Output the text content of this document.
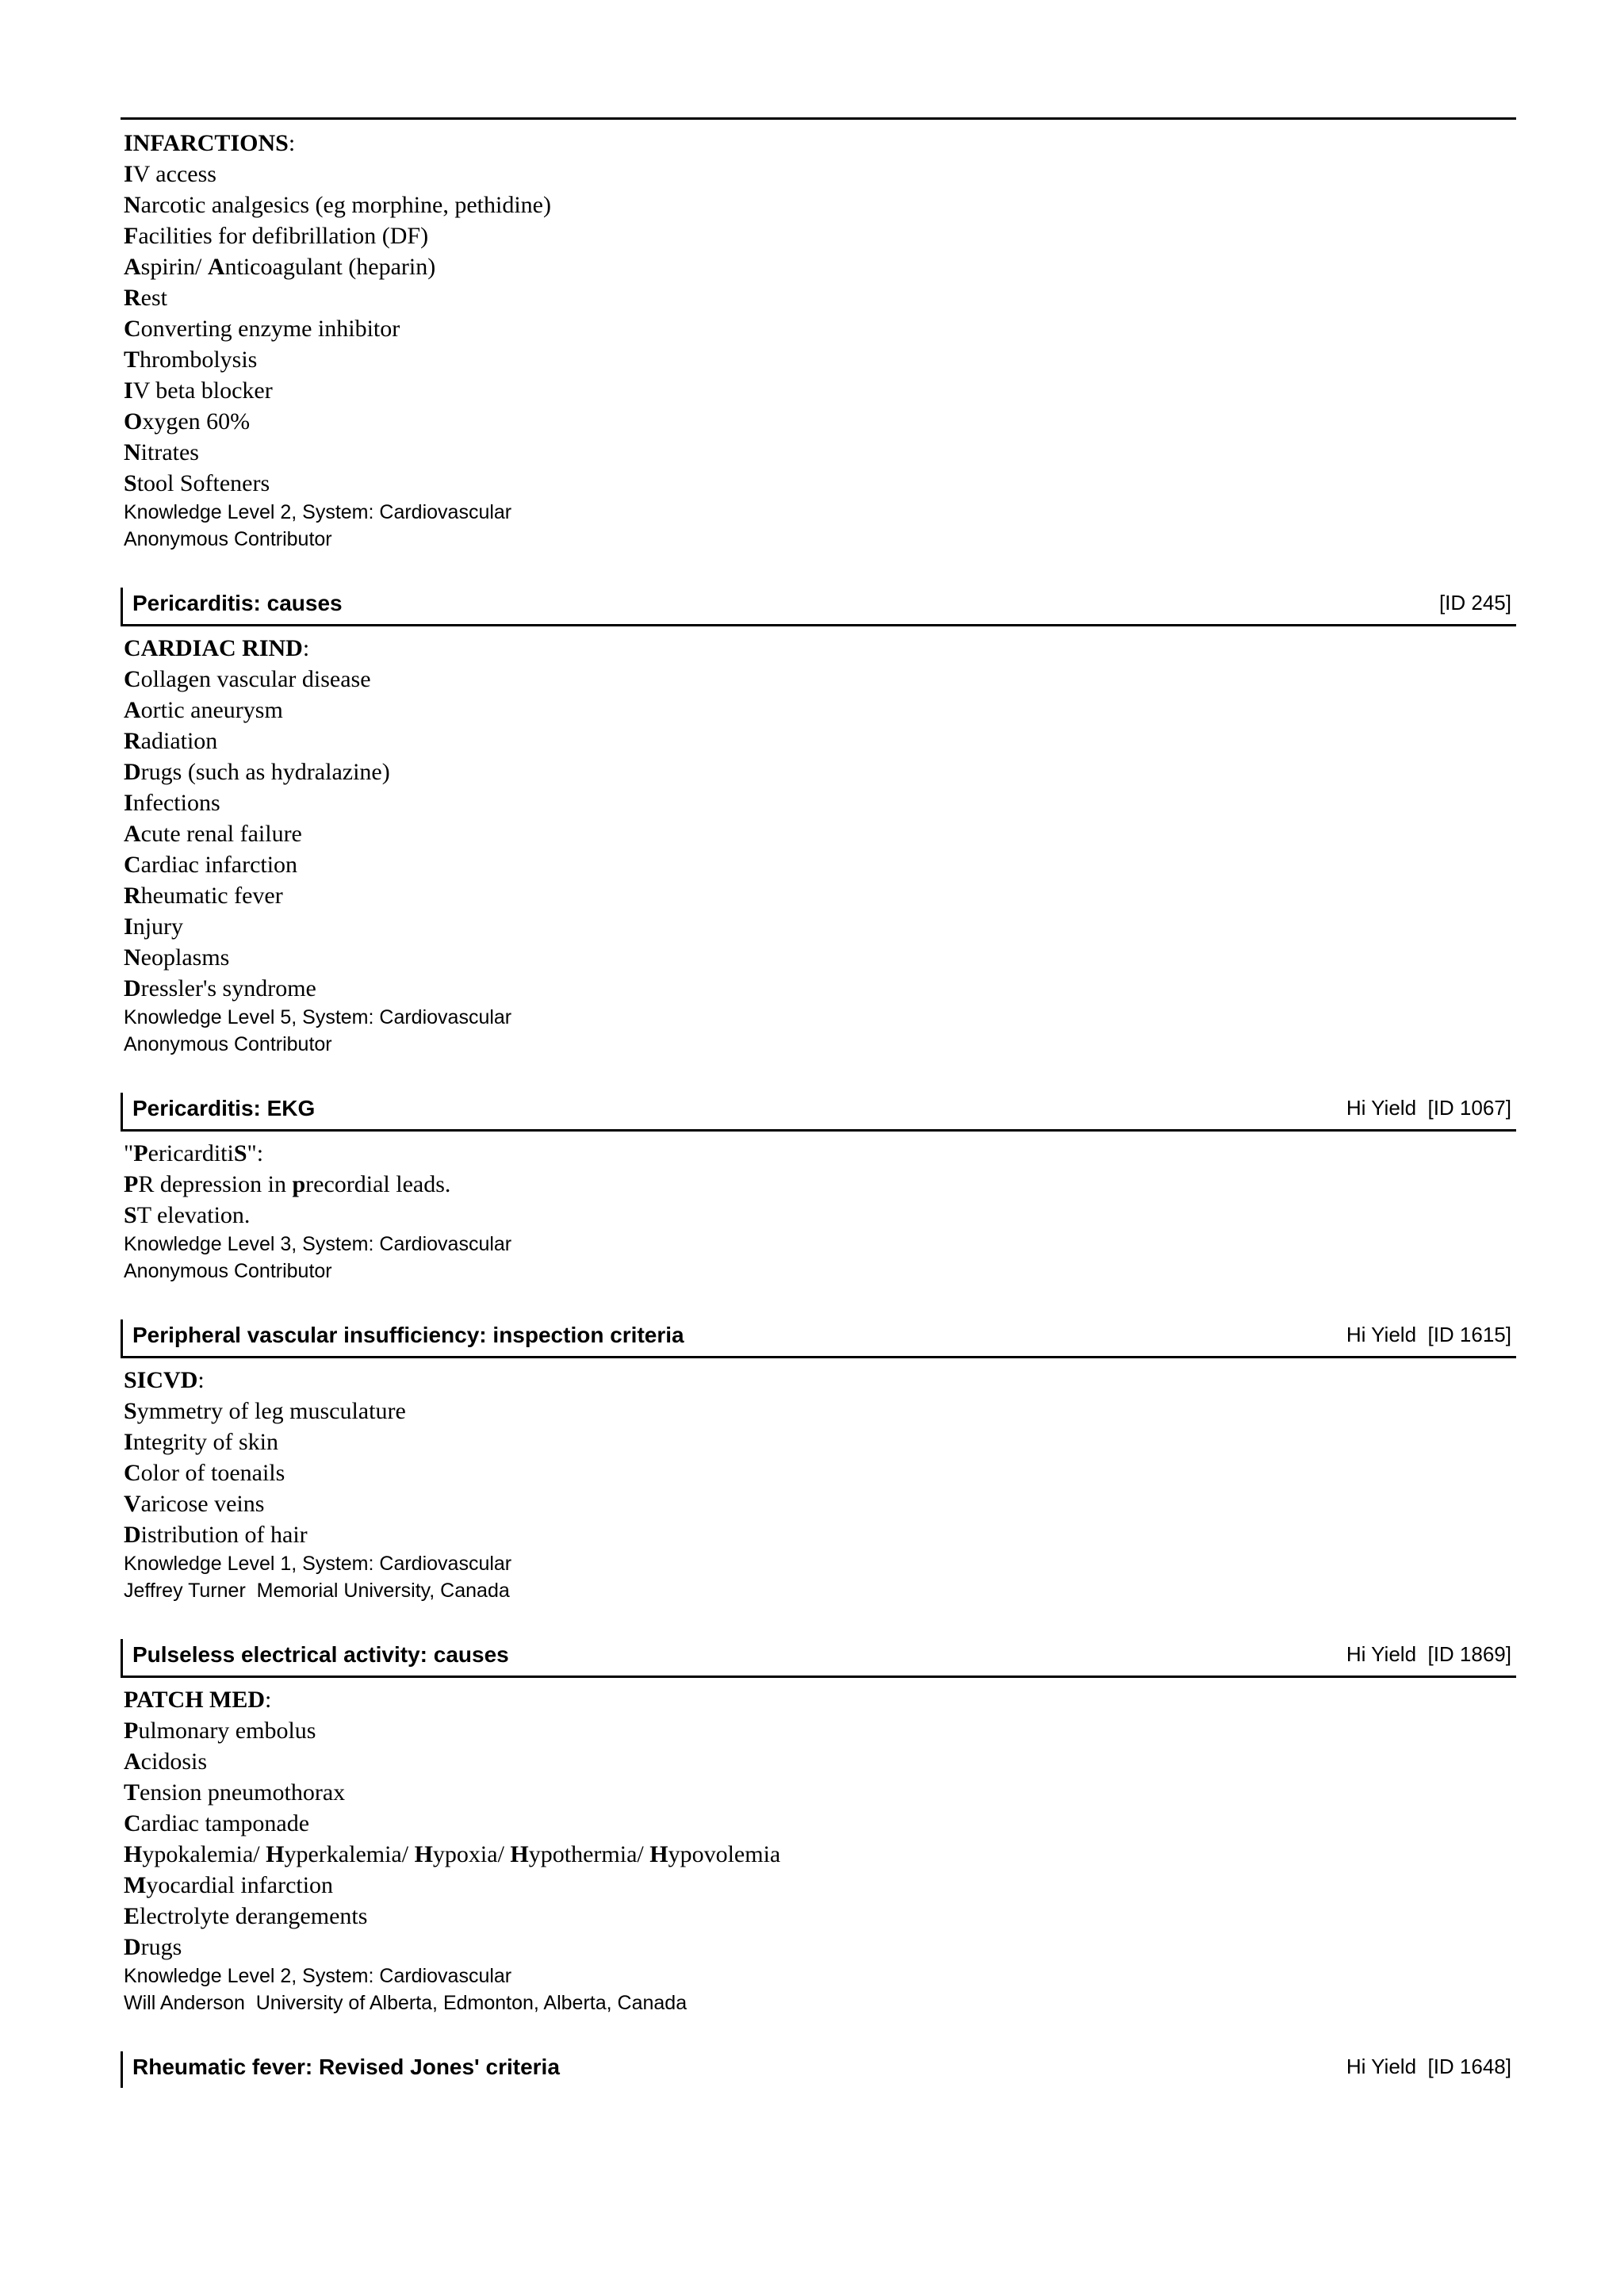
INFARCTIONS:
IV access
Narcotic analgesics (eg morphine, pethidine)
Facilities for defibrillation (DF)
Aspirin/ Anticoagulant (heparin)
Rest
Converting enzyme inhibitor
Thrombolysis
IV beta blocker
Oxygen 60%
Nitrates
Stool Softeners
Knowledge Level 2, System: Cardiovascular
Anonymous Contributor
Pericarditis: causes	[ID 245]
CARDIAC RIND:
Collagen vascular disease
Aortic aneurysm
Radiation
Drugs (such as hydralazine)
Infections
Acute renal failure
Cardiac infarction
Rheumatic fever
Injury
Neoplasms
Dressler's syndrome
Knowledge Level 5, System: Cardiovascular
Anonymous Contributor
Pericarditis: EKG	Hi Yield  [ID 1067]
"PericarditiS":
PR depression in precordial leads.
ST elevation.
Knowledge Level 3, System: Cardiovascular
Anonymous Contributor
Peripheral vascular insufficiency: inspection criteria	Hi Yield  [ID 1615]
SICVD:
Symmetry of leg musculature
Integrity of skin
Color of toenails
Varicose veins
Distribution of hair
Knowledge Level 1, System: Cardiovascular
Jeffrey Turner  Memorial University, Canada
Pulseless electrical activity: causes	Hi Yield  [ID 1869]
PATCH MED:
Pulmonary embolus
Acidosis
Tension pneumothorax
Cardiac tamponade
Hypokalemia/ Hyperkalemia/ Hypoxia/ Hypothermia/ Hypovolemia
Myocardial infarction
Electrolyte derangements
Drugs
Knowledge Level 2, System: Cardiovascular
Will Anderson  University of Alberta, Edmonton, Alberta, Canada
Rheumatic fever: Revised Jones' criteria	Hi Yield  [ID 1648]
